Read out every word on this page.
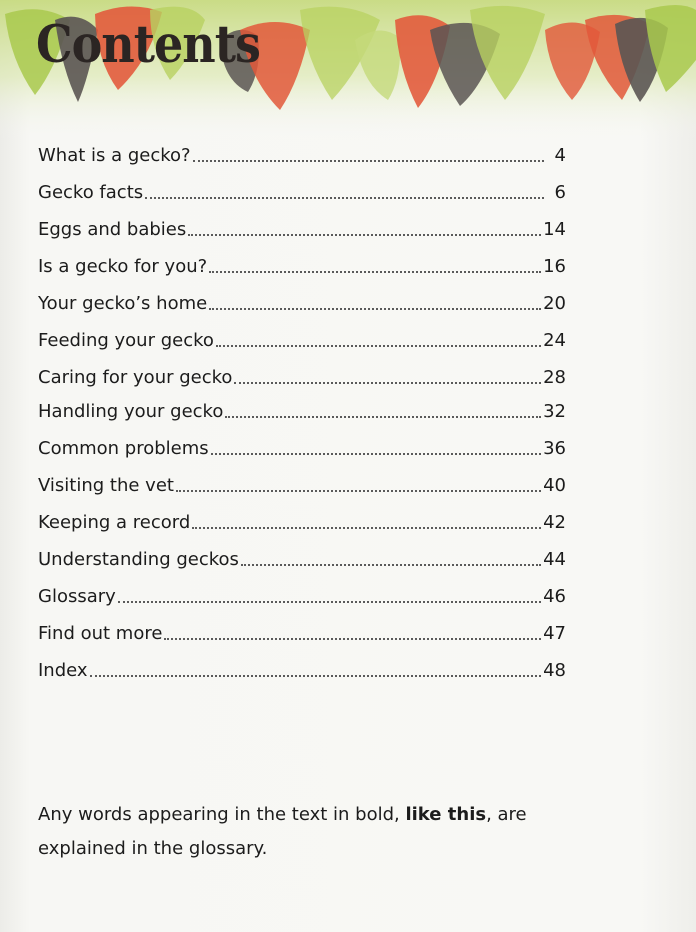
Contents
What is a gecko?	4
Gecko facts	6
Eggs and babies	14
Is a gecko for you?	16
Your gecko’s home	20
Feeding your gecko	24
Caring for your gecko	28
Handling your gecko	32
Common problems	36
Visiting the vet	40
Keeping a record	42
Understanding geckos	44
Glossary	46
Find out more	47
Index	48

Any words appearing in the text in bold, like this, are explained in the glossary.
